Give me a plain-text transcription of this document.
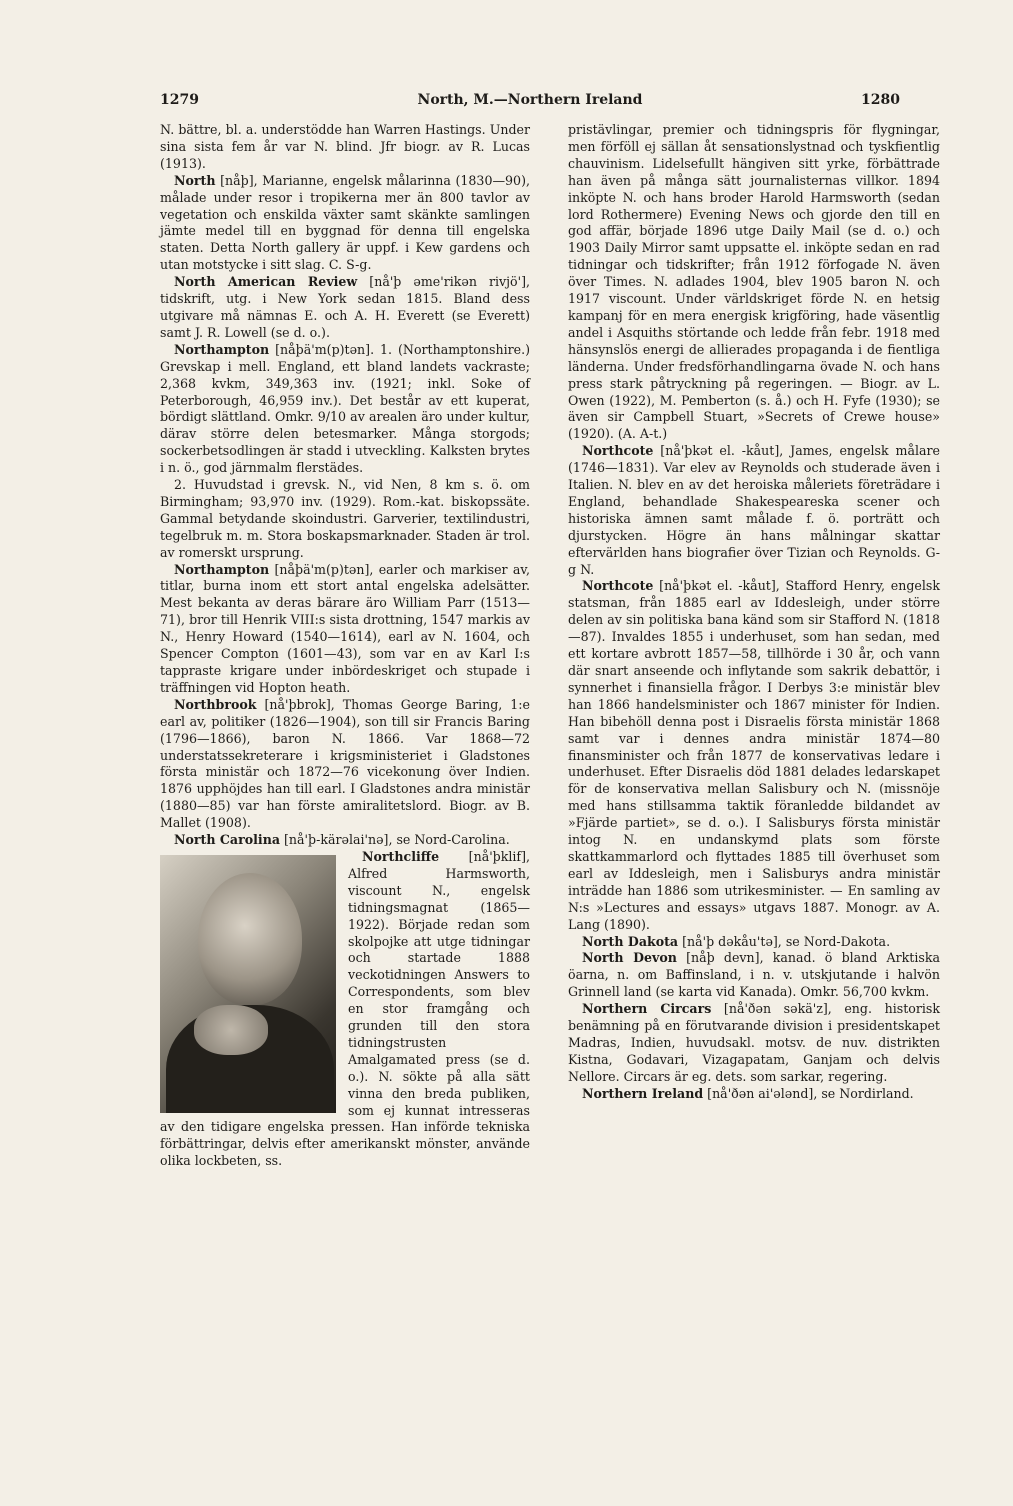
1279	North, M.—Northern Ireland	1280

N. bättre, bl. a. understödde han Warren Hastings. Under sina sista fem år var N. blind. Jfr biogr. av R. Lucas (1913).

North [nåþ], Marianne, engelsk målarinna (1830—90), målade under resor i tropikerna mer än 800 tavlor av vegetation och enskilda växter samt skänkte samlingen jämte medel till en byggnad för denna till engelska staten. Detta North gallery är uppf. i Kew gardens och utan motstycke i sitt slag. C. S-g.

North American Review [nå'þ əme'rikən rivjö'], tidskrift, utg. i New York sedan 1815. Bland dess utgivare må nämnas E. och A. H. Everett (se Everett) samt J. R. Lowell (se d. o.).

Northampton [nåþä'm(p)tən]. 1. (Northamptonshire.) Grevskap i mell. England, ett bland landets vackraste; 2,368 kvkm, 349,363 inv. (1921; inkl. Soke of Peterborough, 46,959 inv.). Det består av ett kuperat, bördigt slättland. Omkr. 9/10 av arealen äro under kultur, därav större delen betesmarker. Många storgods; sockerbetsodlingen är stadd i utveckling. Kalksten brytes i n. ö., god järnmalm flerstädes.

2. Huvudstad i grevsk. N., vid Nen, 8 km s. ö. om Birmingham; 93,970 inv. (1929). Rom.-kat. biskopssäte. Gammal betydande skoindustri. Garverier, textilindustri, tegelbruk m. m. Stora boskapsmarknader. Staden är trol. av romerskt ursprung.

Northampton [nåþä'm(p)tən], earler och markiser av, titlar, burna inom ett stort antal engelska adelsätter. Mest bekanta av deras bärare äro William Parr (1513—71), bror till Henrik VIII:s sista drottning, 1547 markis av N., Henry Howard (1540—1614), earl av N. 1604, och Spencer Compton (1601—43), som var en av Karl I:s tappraste krigare under inbördeskriget och stupade i träffningen vid Hopton heath.

Northbrook [nå'þbrok], Thomas George Baring, 1:e earl av, politiker (1826—1904), son till sir Francis Baring (1796—1866), baron N. 1866. Var 1868—72 understatssekreterare i krigsministeriet i Gladstones första ministär och 1872—76 vicekonung över Indien. 1876 upphöjdes han till earl. I Gladstones andra ministär (1880—85) var han förste amiralitetslord. Biogr. av B. Mallet (1908).

North Carolina [nå'þ-kärəlai'nə], se Nord-Carolina.

Northcliffe [nå'þklif], Alfred Harmsworth, viscount N., engelsk tidningsmagnat (1865—1922). Började redan som skolpojke att utge tidningar och startade 1888 veckotidningen Answers to Correspondents, som blev en stor framgång och grunden till den stora tidningstrusten Amalgamated press (se d. o.). N. sökte på alla sätt vinna den breda publiken, som ej kunnat intresseras av den tidigare engelska pressen. Han införde tekniska förbättringar, delvis efter amerikanskt mönster, använde olika lockbeten, ss.

pristävlingar, premier och tidningspris för flygningar, men förföll ej sällan åt sensationslystnad och tyskfientlig chauvinism. Lidelsefullt hängiven sitt yrke, förbättrade han även på många sätt journalisternas villkor. 1894 inköpte N. och hans broder Harold Harmsworth (sedan lord Rothermere) Evening News och gjorde den till en god affär, började 1896 utge Daily Mail (se d. o.) och 1903 Daily Mirror samt uppsatte el. inköpte sedan en rad tidningar och tidskrifter; från 1912 förfogade N. även över Times. N. adlades 1904, blev 1905 baron N. och 1917 viscount. Under världskriget förde N. en hetsig kampanj för en mera energisk krigföring, hade väsentlig andel i Asquiths störtande och ledde från febr. 1918 med hänsynslös energi de allierades propaganda i de fientliga länderna. Under fredsförhandlingarna övade N. och hans press stark påtryckning på regeringen. — Biogr. av L. Owen (1922), M. Pemberton (s. å.) och H. Fyfe (1930); se även sir Campbell Stuart, »Secrets of Crewe house» (1920). (A. A-t.)

Northcote [nå'þkət el. -kåut], James, engelsk målare (1746—1831). Var elev av Reynolds och studerade även i Italien. N. blev en av det heroiska måleriets företrädare i England, behandlade Shakespeareska scener och historiska ämnen samt målade f. ö. porträtt och djurstycken. Högre än hans målningar skattar eftervärlden hans biografier över Tizian och Reynolds. G-g N.

Northcote [nå'þkət el. -kåut], Stafford Henry, engelsk statsman, från 1885 earl av Iddesleigh, under större delen av sin politiska bana känd som sir Stafford N. (1818—87). Invaldes 1855 i underhuset, som han sedan, med ett kortare avbrott 1857—58, tillhörde i 30 år, och vann där snart anseende och inflytande som sakrik debattör, i synnerhet i finansiella frågor. I Derbys 3:e ministär blev han 1866 handelsminister och 1867 minister för Indien. Han bibehöll denna post i Disraelis första ministär 1868 samt var i dennes andra ministär 1874—80 finansminister och från 1877 de konservativas ledare i underhuset. Efter Disraelis död 1881 delades ledarskapet för de konservativa mellan Salisbury och N. (missnöje med hans stillsamma taktik föranledde bildandet av »Fjärde partiet», se d. o.). I Salisburys första ministär intog N. en undanskymd plats som förste skattkammarlord och flyttades 1885 till överhuset som earl av Iddesleigh, men i Salisburys andra ministär inträdde han 1886 som utrikesminister. — En samling av N:s »Lectures and essays» utgavs 1887. Monogr. av A. Lang (1890).

North Dakota [nå'þ dəkåu'tə], se Nord-Dakota.

North Devon [nåþ devn], kanad. ö bland Arktiska öarna, n. om Baffinsland, i n. v. utskjutande i halvön Grinnell land (se karta vid Kanada). Omkr. 56,700 kvkm.

Northern Circars [nå'ðən səkä'z], eng. historisk benämning på en förutvarande division i presidentskapet Madras, Indien, huvudsakl. motsv. de nuv. distrikten Kistna, Godavari, Vizagapatam, Ganjam och delvis Nellore. Circars är eg. dets. som sarkar, regering.

Northern Ireland [nå'ðən ai'ələnd], se Nordirland.
